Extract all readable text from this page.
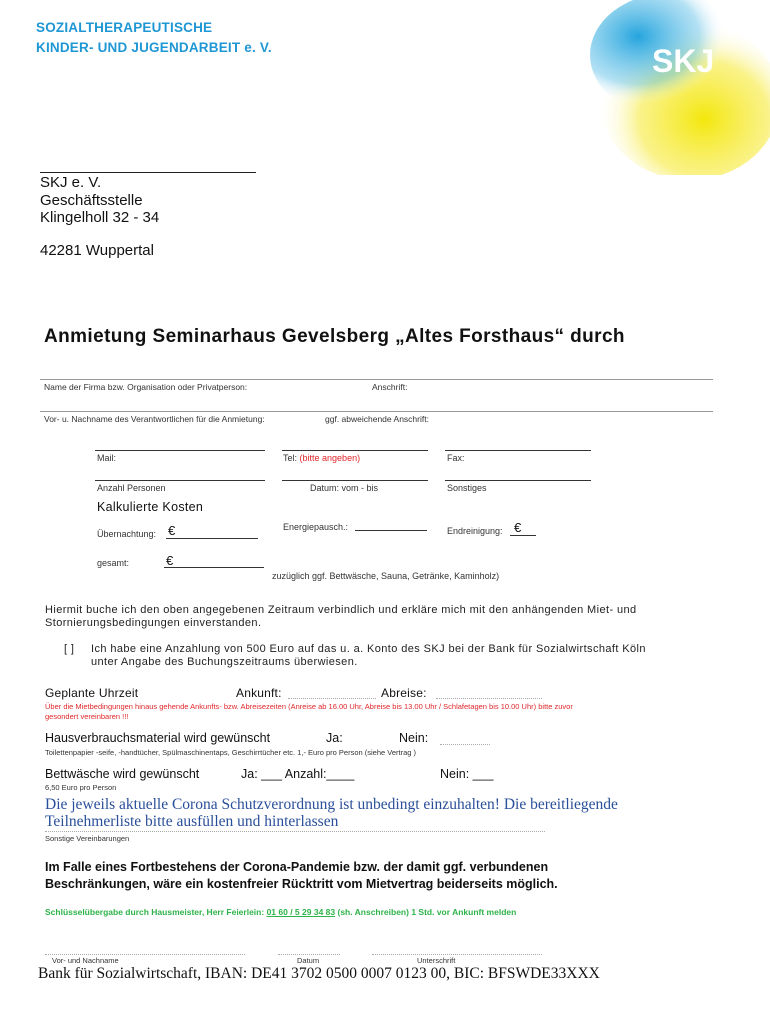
SOZIALTHERAPEUTISCHE
KINDER- UND JUGENDARBEIT e. V.	SKJ
SKJ e. V.
Geschäftsstelle
Klingelholl 32 - 34
42281 Wuppertal
Anmietung Seminarhaus Gevelsberg „Altes Forsthaus“ durch
Name der Firma bzw. Organisation oder Privatperson:	Anschrift:
Vor- u. Nachname des Verantwortlichen für die Anmietung:	ggf. abweichende Anschrift:
Mail:	Tel: (bitte angeben)	Fax:
Anzahl Personen	Datum: vom - bis	Sonstiges
Kalkulierte Kosten
Übernachtung: €	Energiepausch.:	Endreinigung: €
gesamt:	€
zuzüglich ggf. Bettwäsche, Sauna, Getränke, Kaminholz)
Hiermit buche ich den oben angegebenen Zeitraum verbindlich und erkläre mich mit den anhängenden Miet- und
Stornierungsbedingungen einverstanden.
[ ] Ich habe eine Anzahlung von 500 Euro auf das u. a. Konto des SKJ bei der Bank für Sozialwirtschaft Köln
unter Angabe des Buchungszeitraums überwiesen.
Geplante Uhrzeit	Ankunft:	Abreise:
Über die Mietbedingungen hinaus gehende Ankunfts- bzw. Abreisezeiten (Anreise ab 16.00 Uhr, Abreise bis 13.00 Uhr / Schlafetagen bis 10.00 Uhr) bitte zuvor
gesondert vereinbaren !!!
Hausverbrauchsmaterial wird gewünscht	Ja:	Nein:
Toilettenpapier -seife, -handtücher, Spülmaschinentaps, Geschirrtücher etc. 1,- Euro pro Person (siehe Vertrag )
Bettwäsche wird gewünscht	Ja: ___ Anzahl:____	Nein: ___
6,50 Euro pro Person
Die jeweils aktuelle Corona Schutzverordnung ist unbedingt einzuhalten! Die bereitliegende
Teilnehmerliste bitte ausfüllen und hinterlassen
Sonstige Vereinbarungen
Im Falle eines Fortbestehens der Corona-Pandemie bzw. der damit ggf. verbundenen
Beschränkungen, wäre ein kostenfreier Rücktritt vom Mietvertrag beiderseits möglich.
Schlüsselübergabe durch Hausmeister, Herr Feierlein: 01 60 / 5 29 34 83 (sh. Anschreiben) 1 Std. vor Ankunft melden
Vor- und Nachname	Datum	Unterschrift
Bank für Sozialwirtschaft, IBAN: DE41 3702 0500 0007 0123 00, BIC: BFSWDE33XXX
